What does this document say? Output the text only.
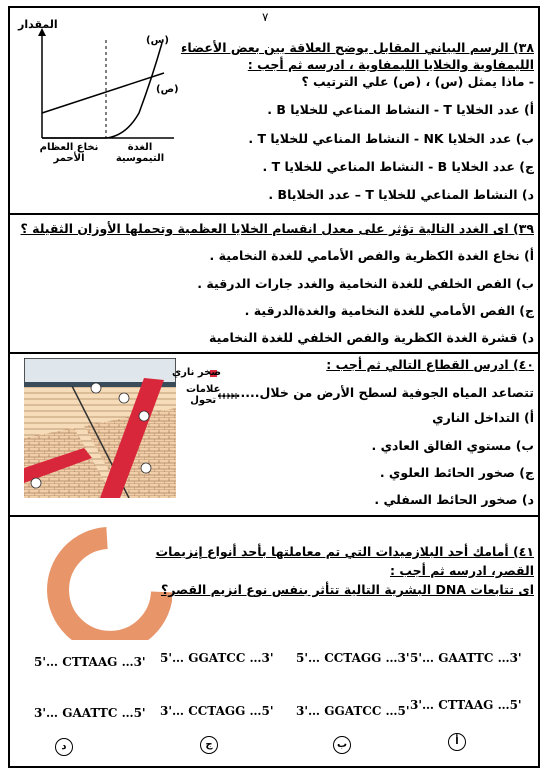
٧
المقدار
(س)
(ص)
نخاع العظام
الأحمر
الغدة
التيموسية
٣٨) الرسم البياني المقابل يوضح العلاقة بين بعض الأعضاء
الليمفاوية والخلايا الليمفاوية ، ادرسه ثم أجب :
- ماذا يمثل (س) ، (ص) علي الترتيب ؟
أ) عدد الخلايا T - النشاط المناعي للخلايا B .
ب) عدد الخلايا NK - النشاط المناعي للخلايا T .
ج) عدد الخلايا B - النشاط المناعي للخلايا T .
د) النشاط المناعي للخلايا T – عدد الخلاياB .
٣٩) اى الغدد التالية تؤثر على معدل انقسام الخلايا العظمية وتحملها الأوزان الثقيلة ؟
أ) نخاع الغدة الكظرية والفص الأمامي للغدة النخامية .
ب) الفص الخلفي للغدة النخامية والغدد جارات الدرقية .
ج) الفص الأمامي للغدة النخامية والغدةالدرقية .
د) قشرة الغدة الكظرية والفص الخلفي للغدة النخامية
صخر ناري
علامات
تحول
٤٠) ادرس القطاع التالي ثم أجب :
تتصاعد المياه الجوفية لسطح الأرض من خلال.........
أ) التداخل الناري
ب) مستوي الفالق العادي .
ج) صخور الحائط العلوي .
د) صخور الحائط السفلي .
GG
3'CCTAG
5'
GATCC 3'
G 5'
٤١) أمامك أحد البلازميدات التي تم معاملتها بأحد أنواع إنزيمات
القصر، ادرسه ثم أجب :
اى تتابعات DNA البشرية التالية تتأثر بنفس نوع انزيم القصر؟
5'… GAATTC …3'
3'… CTTAAG …5'
أ
5'… CCTAGG …3'
3'… GGATCC …5'
ب
5'… GGATCC …3'
3'… CCTAGG …5'
ج
5'… CTTAAG …3'
3'… GAATTC …5'
د
